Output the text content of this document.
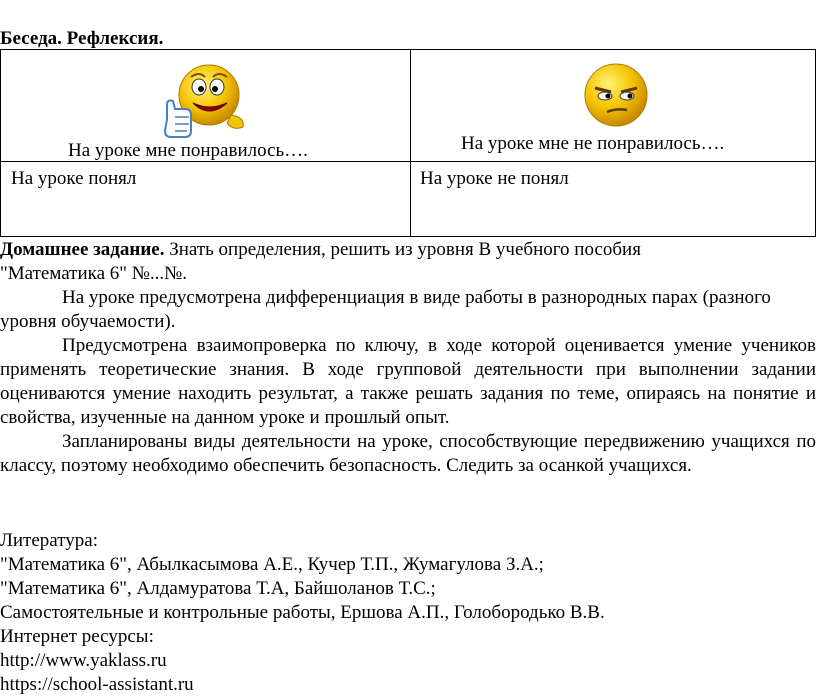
Беседа. Рефлексия.
На уроке мне понравилось….	На уроке мне не понравилось….

На уроке понял	На уроке не понял
Домашнее задание. Знать определения, решить из уровня В учебного пособия
"Математика 6" №...№.

На уроке предусмотрена дифференциация в виде работы в разнородных парах (разного уровня обучаемости).

Предусмотрена взаимопроверка по ключу, в ходе которой оценивается умение учеников применять теоретические знания. В ходе групповой деятельности при выполнении задании оцениваются умение находить результат, а также решать задания по теме, опираясь на понятие и свойства, изученные на данном уроке и прошлый опыт.

Запланированы виды деятельности на уроке, способствующие передвижению учащихся по классу, поэтому необходимо обеспечить безопасность. Следить за осанкой учащихся.

Литература:
"Математика 6", Абылкасымова А.Е., Кучер Т.П., Жумагулова З.А.;
"Математика 6", Алдамуратова Т.А, Байшоланов Т.С.;
Самостоятельные и контрольные работы, Ершова А.П., Голобородько В.В.
Интернет ресурсы:
http://www.yaklass.ru
https://school-assistant.ru
